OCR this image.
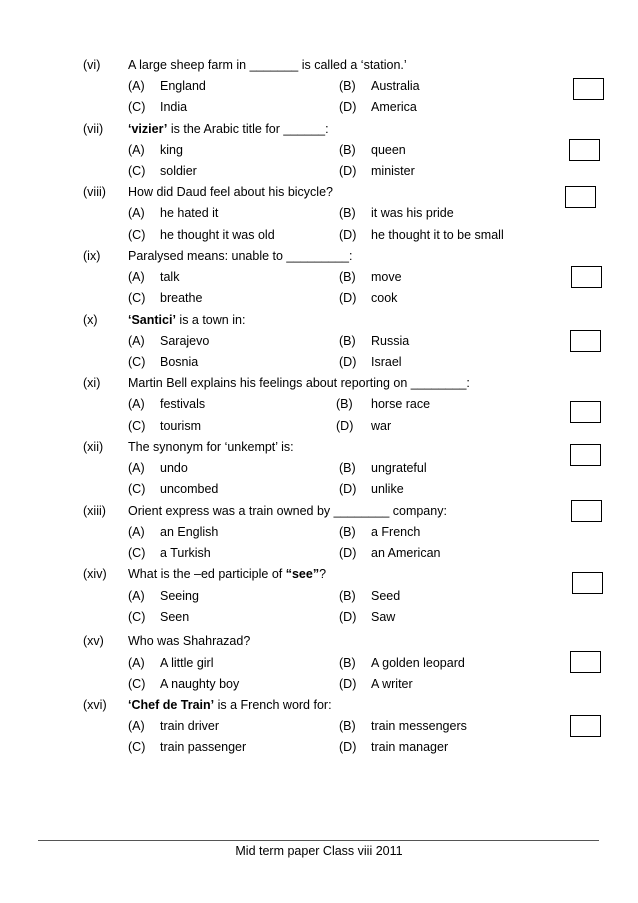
(vi) A large sheep farm in _______ is called a ‘station.’
(A) England	(B) Australia
(C) India	(D) America
(vii) ‘vizier’ is the Arabic title for ______:
(A) king	(B) queen
(C) soldier	(D) minister
(viii) How did Daud feel about his bicycle?
(A) he hated it	(B) it was his pride
(C) he thought it was old	(D) he thought it to be small
(ix) Paralysed means: unable to _________:
(A) talk	(B) move
(C) breathe	(D) cook
(x) ‘Santici’ is a town in:
(A) Sarajevo	(B) Russia
(C) Bosnia	(D) Israel
(xi) Martin Bell explains his feelings about reporting on ________:
(A) festivals	(B) horse race
(C) tourism	(D) war
(xii) The synonym for ‘unkempt’ is:
(A) undo	(B) ungrateful
(C) uncombed	(D) unlike
(xiii) Orient express was a train owned by ________ company:
(A) an English	(B) a French
(C) a Turkish	(D) an American
(xiv) What is the –ed participle of “see”?
(A) Seeing	(B) Seed
(C) Seen	(D) Saw
(xv) Who was Shahrazad?
(A) A little girl	(B) A golden leopard
(C) A naughty boy	(D) A writer
(xvi) ‘Chef de Train’ is a French word for:
(A) train driver	(B) train messengers
(C) train passenger	(D) train manager
Mid term paper Class viii 2011
